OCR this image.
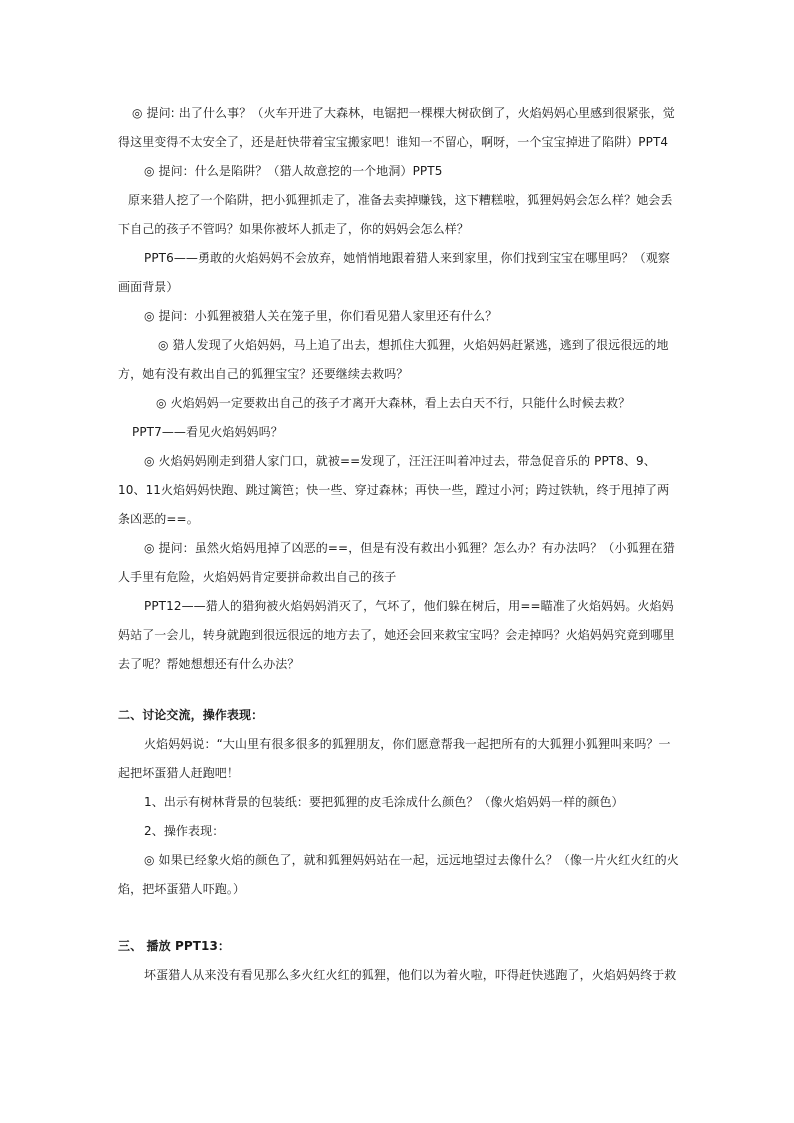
◎ 提问: 出了什么事？（火车开进了大森林，电锯把一棵棵大树砍倒了，火焰妈妈心里感到很紧张，觉得这里变得不太安全了，还是赶快带着宝宝搬家吧！谁知一不留心，啊呀，一个宝宝掉进了陷阱）PPT4

◎ 提问：什么是陷阱？（猎人故意挖的一个地洞）PPT5

原来猎人挖了一个陷阱，把小狐狸抓走了，准备去卖掉赚钱，这下糟糕啦，狐狸妈妈会怎么样？她会丢下自己的孩子不管吗？如果你被坏人抓走了，你的妈妈会怎么样？

PPT6——勇敢的火焰妈妈不会放弃，她悄悄地跟着猎人来到家里，你们找到宝宝在哪里吗？（观察画面背景）

◎ 提问：小狐狸被猎人关在笼子里，你们看见猎人家里还有什么？

◎ 猎人发现了火焰妈妈，马上追了出去，想抓住大狐狸，火焰妈妈赶紧逃，逃到了很远很远的地方，她有没有救出自己的狐狸宝宝？还要继续去救吗？

◎ 火焰妈妈一定要救出自己的孩子才离开大森林，看上去白天不行，只能什么时候去救？

PPT7——看见火焰妈妈吗？

◎ 火焰妈妈刚走到猎人家门口，就被==发现了，汪汪汪叫着冲过去，带急促音乐的 PPT8、9、10、11火焰妈妈快跑、跳过篱笆；快一些、穿过森林；再快一些，蹚过小河；跨过铁轨，终于甩掉了两条凶恶的==。

◎ 提问：虽然火焰妈甩掉了凶恶的==，但是有没有救出小狐狸？怎么办？有办法吗？（小狐狸在猎人手里有危险，火焰妈妈肯定要拼命救出自己的孩子

PPT12——猎人的猎狗被火焰妈妈消灭了，气坏了，他们躲在树后，用==瞄准了火焰妈妈。火焰妈妈站了一会儿，转身就跑到很远很远的地方去了，她还会回来救宝宝吗？会走掉吗？火焰妈妈究竟到哪里去了呢？帮她想想还有什么办法？

二、讨论交流，操作表现：

火焰妈妈说：“大山里有很多很多的狐狸朋友，你们愿意帮我一起把所有的大狐狸小狐狸叫来吗？一起把坏蛋猎人赶跑吧！

1、出示有树林背景的包装纸：要把狐狸的皮毛涂成什么颜色？（像火焰妈妈一样的颜色）

2、操作表现：

◎ 如果已经象火焰的颜色了，就和狐狸妈妈站在一起，远远地望过去像什么？（像一片火红火红的火焰，把坏蛋猎人吓跑。）

三、 播放 PPT13：

坏蛋猎人从来没有看见那么多火红火红的狐狸，他们以为着火啦，吓得赶快逃跑了，火焰妈妈终于救
